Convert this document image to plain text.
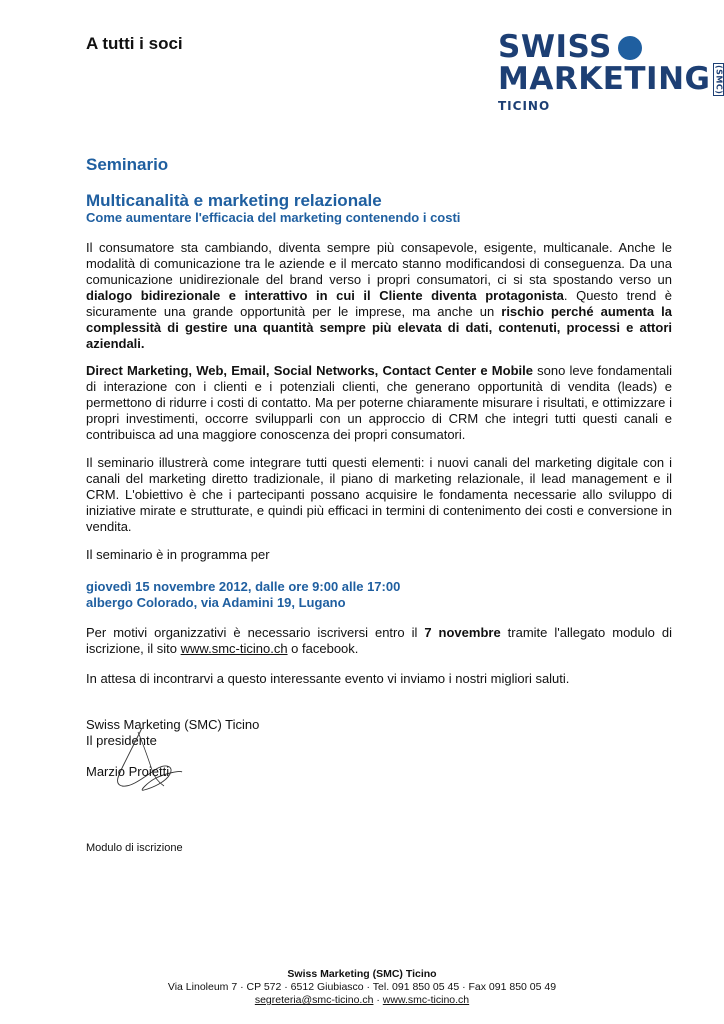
A tutti i soci	SWISS
MARKETING (SMC)
TICINO
Seminario
Multicanalità e marketing relazionale
Come aumentare l'efficacia del marketing contenendo i costi
Il consumatore sta cambiando, diventa sempre più consapevole, esigente, multicanale. Anche le modalità di comunicazione tra le aziende e il mercato stanno modificandosi di conseguenza. Da una comunicazione unidirezionale del brand verso i propri consumatori, ci si sta spostando verso un dialogo bidirezionale e interattivo in cui il Cliente diventa protagonista. Questo trend è sicuramente una grande opportunità per le imprese, ma anche un rischio perché aumenta la complessità di gestire una quantità sempre più elevata di dati, contenuti, processi e attori aziendali.
Direct Marketing, Web, Email, Social Networks, Contact Center e Mobile sono leve fondamentali di interazione con i clienti e i potenziali clienti, che generano opportunità di vendita (leads) e permettono di ridurre i costi di contatto. Ma per poterne chiaramente misurare i risultati, e ottimizzare i propri investimenti, occorre svilupparli con un approccio di CRM che integri tutti questi canali e contribuisca ad una maggiore conoscenza dei propri consumatori.
Il seminario illustrerà come integrare tutti questi elementi: i nuovi canali del marketing digitale con i canali del marketing diretto tradizionale, il piano di marketing relazionale, il lead management e il CRM. L'obiettivo è che i partecipanti possano acquisire le fondamenta necessarie allo sviluppo di iniziative mirate e strutturate, e quindi più efficaci in termini di contenimento dei costi e conversione in vendita.
Il seminario è in programma per
giovedì 15 novembre 2012, dalle ore 9:00 alle 17:00
albergo Colorado, via Adamini 19, Lugano
Per motivi organizzativi è necessario iscriversi entro il 7 novembre tramite l'allegato modulo di iscrizione, il sito www.smc-ticino.ch o facebook.
In attesa di incontrarvi a questo interessante evento vi inviamo i nostri migliori saluti.
Swiss Marketing (SMC) Ticino
Il presidente
Marzio Proietti
Modulo di iscrizione
Swiss Marketing (SMC) Ticino
Via Linoleum 7 · CP 572 · 6512 Giubiasco · Tel. 091 850 05 45 · Fax 091 850 05 49
segreteria@smc-ticino.ch · www.smc-ticino.ch
